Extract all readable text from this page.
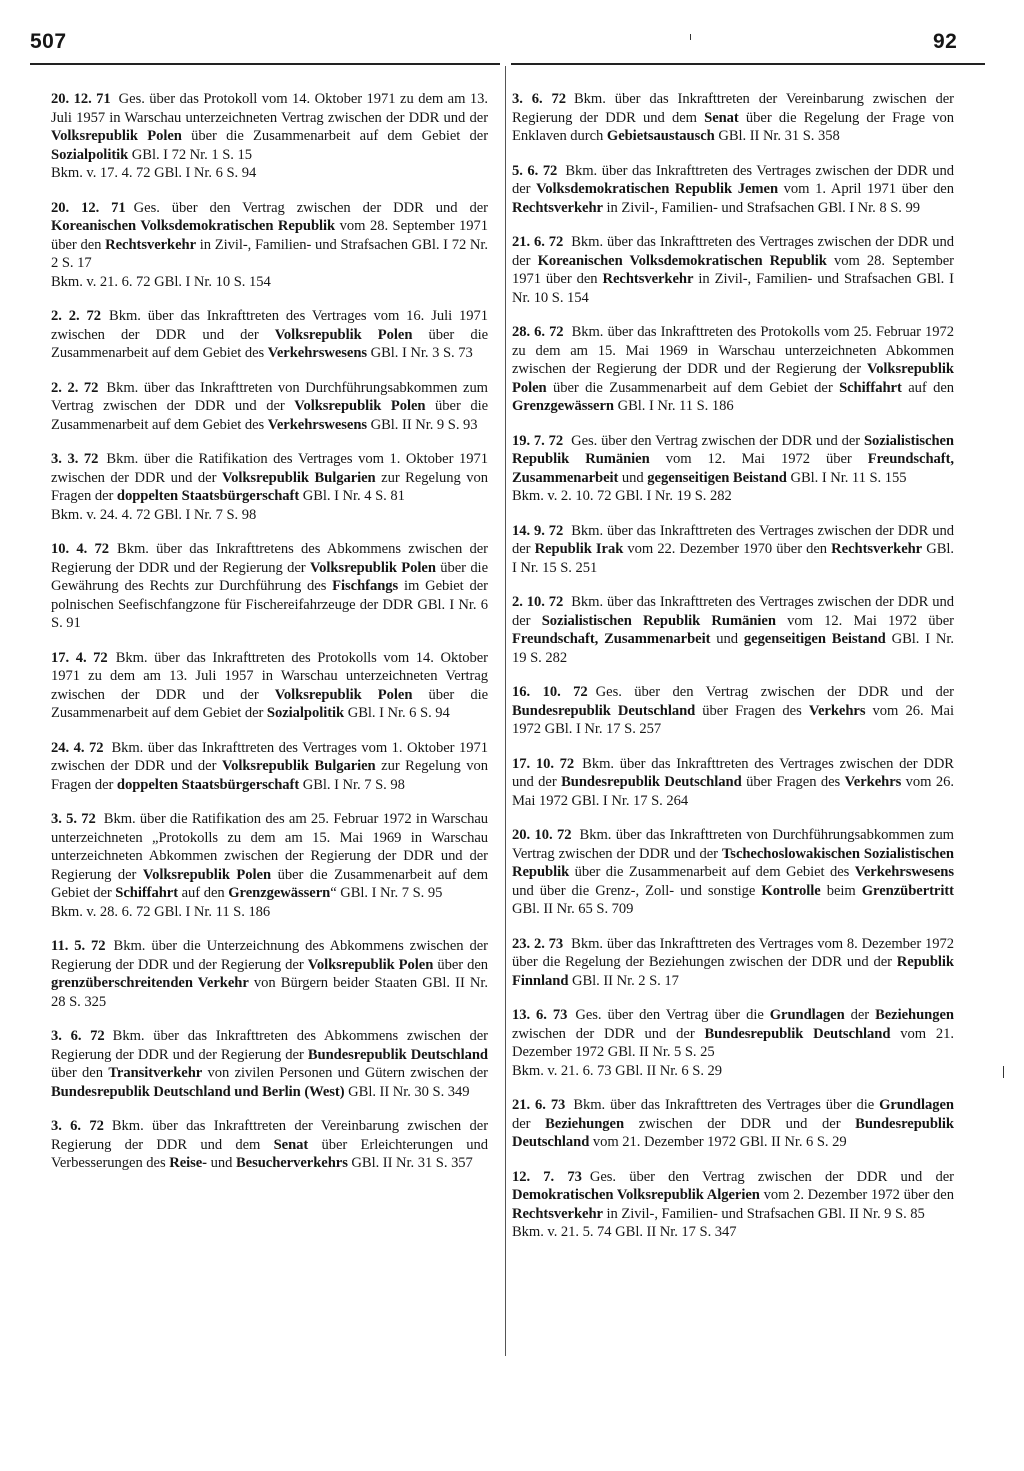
507	92
20. 12. 71 Ges. über das Protokoll vom 14. Oktober 1971 zu dem am 13. Juli 1957 in Warschau unterzeichneten Vertrag zwischen der DDR und der Volksrepublik Polen über die Zusammenarbeit auf dem Gebiet der Sozialpolitik GBl. I 72 Nr. 1 S. 15
Bkm. v. 17. 4. 72 GBl. I Nr. 6 S. 94
20. 12. 71 Ges. über den Vertrag zwischen der DDR und der Koreanischen Volksdemokratischen Republik vom 28. September 1971 über den Rechtsverkehr in Zivil-, Familien- und Strafsachen GBl. I 72 Nr. 2 S. 17
Bkm. v. 21. 6. 72 GBl. I Nr. 10 S. 154
2. 2. 72 Bkm. über das Inkrafttreten des Vertrages vom 16. Juli 1971 zwischen der DDR und der Volksrepublik Polen über die Zusammenarbeit auf dem Gebiet des Verkehrswesens GBl. I Nr. 3 S. 73
2. 2. 72 Bkm. über das Inkrafttreten von Durchführungsabkommen zum Vertrag zwischen der DDR und der Volksrepublik Polen über die Zusammenarbeit auf dem Gebiet des Verkehrswesens GBl. II Nr. 9 S. 93
3. 3. 72 Bkm. über die Ratifikation des Vertrages vom 1. Oktober 1971 zwischen der DDR und der Volksrepublik Bulgarien zur Regelung von Fragen der doppelten Staatsbürgerschaft GBl. I Nr. 4 S. 81
Bkm. v. 24. 4. 72 GBl. I Nr. 7 S. 98
10. 4. 72 Bkm. über das Inkrafttretens des Abkommens zwischen der Regierung der DDR und der Regierung der Volksrepublik Polen über die Gewährung des Rechts zur Durchführung des Fischfangs im Gebiet der polnischen Seefischfangzone für Fischereifahrzeuge der DDR GBl. I Nr. 6 S. 91
17. 4. 72 Bkm. über das Inkrafttreten des Protokolls vom 14. Oktober 1971 zu dem am 13. Juli 1957 in Warschau unterzeichneten Vertrag zwischen der DDR und der Volksrepublik Polen über die Zusammenarbeit auf dem Gebiet der Sozialpolitik GBl. I Nr. 6 S. 94
24. 4. 72 Bkm. über das Inkrafttreten des Vertrages vom 1. Oktober 1971 zwischen der DDR und der Volksrepublik Bulgarien zur Regelung von Fragen der doppelten Staatsbürgerschaft GBl. I Nr. 7 S. 98
3. 5. 72 Bkm. über die Ratifikation des am 25. Februar 1972 in Warschau unterzeichneten „Protokolls zu dem am 15. Mai 1969 in Warschau unterzeichneten Abkommen zwischen der Regierung der DDR und der Regierung der Volksrepublik Polen über die Zusammenarbeit auf dem Gebiet der Schiffahrt auf den Grenzgewässern“ GBl. I Nr. 7 S. 95
Bkm. v. 28. 6. 72 GBl. I Nr. 11 S. 186
11. 5. 72 Bkm. über die Unterzeichnung des Abkommens zwischen der Regierung der DDR und der Regierung der Volksrepublik Polen über den grenzüberschreitenden Verkehr von Bürgern beider Staaten GBl. II Nr. 28 S. 325
3. 6. 72 Bkm. über das Inkrafttreten des Abkommens zwischen der Regierung der DDR und der Regierung der Bundesrepublik Deutschland über den Transitverkehr von zivilen Personen und Gütern zwischen der Bundesrepublik Deutschland und Berlin (West) GBl. II Nr. 30 S. 349
3. 6. 72 Bkm. über das Inkrafttreten der Vereinbarung zwischen der Regierung der DDR und dem Senat über Erleichterungen und Verbesserungen des Reise- und Besucherverkehrs GBl. II Nr. 31 S. 357
3. 6. 72 Bkm. über das Inkrafttreten der Vereinbarung zwischen der Regierung der DDR und dem Senat über die Regelung der Frage von Enklaven durch Gebietsaustausch GBl. II Nr. 31 S. 358
5. 6. 72 Bkm. über das Inkrafttreten des Vertrages zwischen der DDR und der Volksdemokratischen Republik Jemen vom 1. April 1971 über den Rechtsverkehr in Zivil-, Familien- und Strafsachen GBl. I Nr. 8 S. 99
21. 6. 72 Bkm. über das Inkrafttreten des Vertrages zwischen der DDR und der Koreanischen Volksdemokratischen Republik vom 28. September 1971 über den Rechtsverkehr in Zivil-, Familien- und Strafsachen GBl. I Nr. 10 S. 154
28. 6. 72 Bkm. über das Inkrafttreten des Protokolls vom 25. Februar 1972 zu dem am 15. Mai 1969 in Warschau unterzeichneten Abkommen zwischen der Regierung der DDR und der Regierung der Volksrepublik Polen über die Zusammenarbeit auf dem Gebiet der Schiffahrt auf den Grenzgewässern GBl. I Nr. 11 S. 186
19. 7. 72 Ges. über den Vertrag zwischen der DDR und der Sozialistischen Republik Rumänien vom 12. Mai 1972 über Freundschaft, Zusammenarbeit und gegenseitigen Beistand GBl. I Nr. 11 S. 155
Bkm. v. 2. 10. 72 GBl. I Nr. 19 S. 282
14. 9. 72 Bkm. über das Inkrafttreten des Vertrages zwischen der DDR und der Republik Irak vom 22. Dezember 1970 über den Rechtsverkehr GBl. I Nr. 15 S. 251
2. 10. 72 Bkm. über das Inkrafttreten des Vertrages zwischen der DDR und der Sozialistischen Republik Rumänien vom 12. Mai 1972 über Freundschaft, Zusammenarbeit und gegenseitigen Beistand GBl. I Nr. 19 S. 282
16. 10. 72 Ges. über den Vertrag zwischen der DDR und der Bundesrepublik Deutschland über Fragen des Verkehrs vom 26. Mai 1972 GBl. I Nr. 17 S. 257
17. 10. 72 Bkm. über das Inkrafttreten des Vertrages zwischen der DDR und der Bundesrepublik Deutschland über Fragen des Verkehrs vom 26. Mai 1972 GBl. I Nr. 17 S. 264
20. 10. 72 Bkm. über das Inkrafttreten von Durchführungsabkommen zum Vertrag zwischen der DDR und der Tschechoslowakischen Sozialistischen Republik über die Zusammenarbeit auf dem Gebiet des Verkehrswesens und über die Grenz-, Zoll- und sonstige Kontrolle beim Grenzübertritt GBl. II Nr. 65 S. 709
23. 2. 73 Bkm. über das Inkrafttreten des Vertrages vom 8. Dezember 1972 über die Regelung der Beziehungen zwischen der DDR und der Republik Finnland GBl. II Nr. 2 S. 17
13. 6. 73 Ges. über den Vertrag über die Grundlagen der Beziehungen zwischen der DDR und der Bundesrepublik Deutschland vom 21. Dezember 1972 GBl. II Nr. 5 S. 25
Bkm. v. 21. 6. 73 GBl. II Nr. 6 S. 29
21. 6. 73 Bkm. über das Inkrafttreten des Vertrages über die Grundlagen der Beziehungen zwischen der DDR und der Bundesrepublik Deutschland vom 21. Dezember 1972 GBl. II Nr. 6 S. 29
12. 7. 73 Ges. über den Vertrag zwischen der DDR und der Demokratischen Volksrepublik Algerien vom 2. Dezember 1972 über den Rechtsverkehr in Zivil-, Familien- und Strafsachen GBl. II Nr. 9 S. 85
Bkm. v. 21. 5. 74 GBl. II Nr. 17 S. 347
